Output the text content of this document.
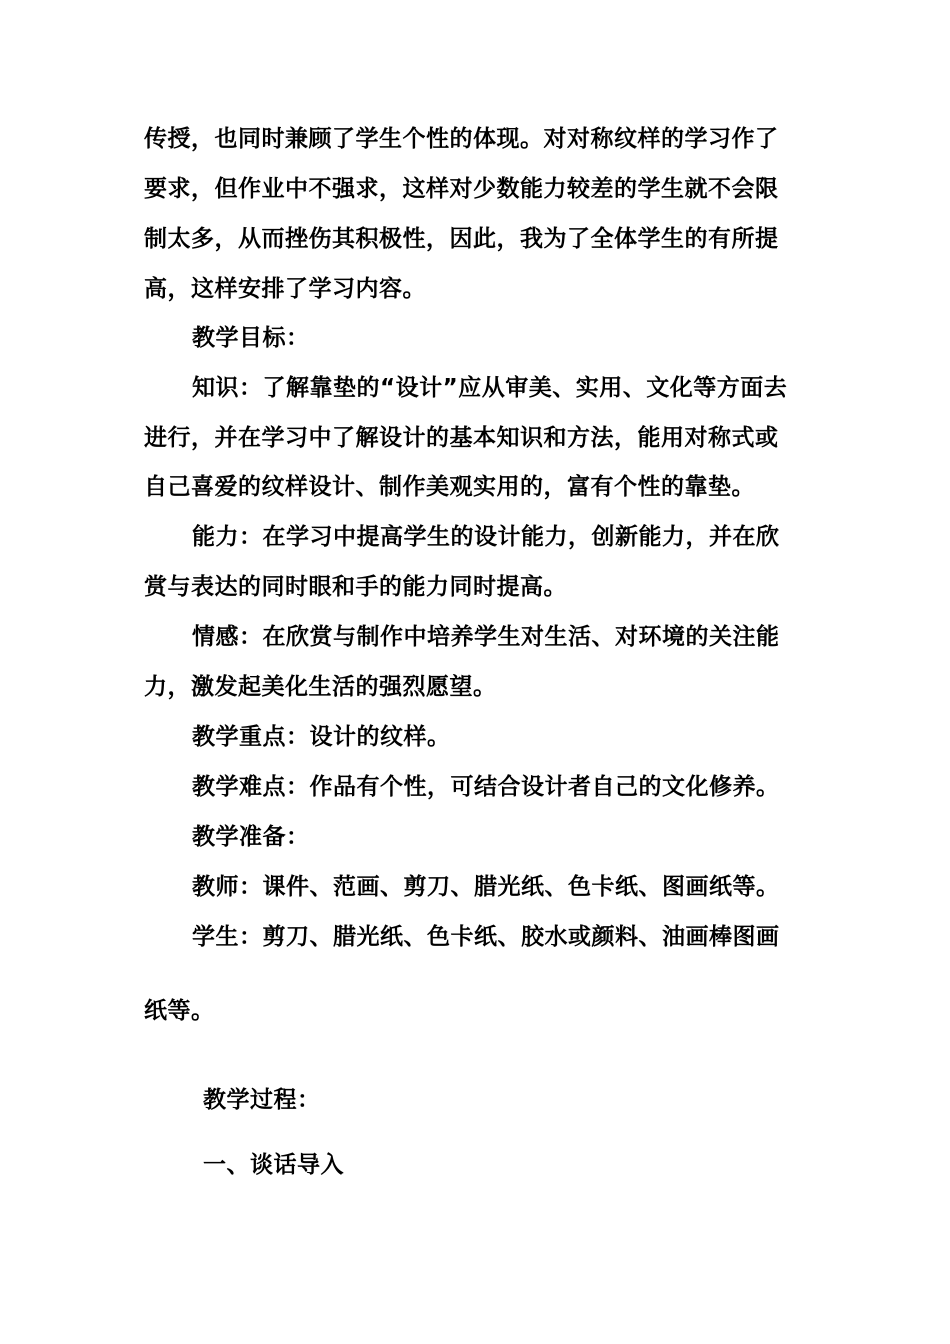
传授，也同时兼顾了学生个性的体现。对对称纹样的学习作了
要求，但作业中不强求，这样对少数能力较差的学生就不会限
制太多，从而挫伤其积极性，因此，我为了全体学生的有所提
高，这样安排了学习内容。
教学目标：
知识：了解靠垫的“设计”应从审美、实用、文化等方面去
进行，并在学习中了解设计的基本知识和方法，能用对称式或
自己喜爱的纹样设计、制作美观实用的，富有个性的靠垫。
能力：在学习中提高学生的设计能力，创新能力，并在欣
赏与表达的同时眼和手的能力同时提高。
情感：在欣赏与制作中培养学生对生活、对环境的关注能
力，激发起美化生活的强烈愿望。
教学重点：设计的纹样。
教学难点：作品有个性，可结合设计者自己的文化修养。
教学准备：
教师：课件、范画、剪刀、腊光纸、色卡纸、图画纸等。
学生：剪刀、腊光纸、色卡纸、胶水或颜料、油画棒图画
纸等。
教学过程：
一、谈话导入
